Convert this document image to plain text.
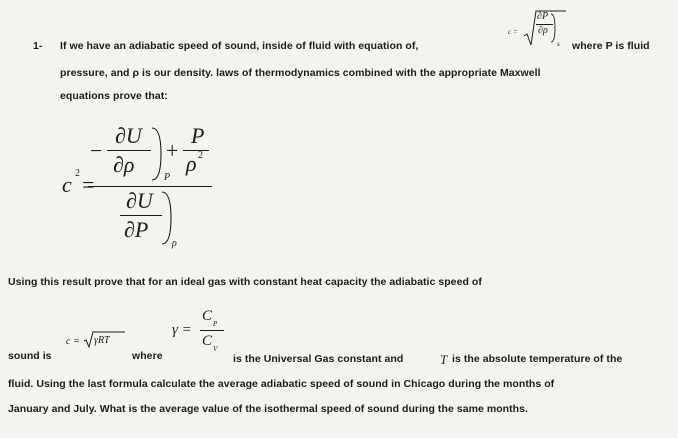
1- If we have an adiabatic speed of sound, inside of fluid with equation of,
c =
∂P
∂ρ
s where P is fluid
pressure, and ρ is our density. laws of thermodynamics combined with the appropriate Maxwell
equations prove that:
c 2 =
−
∂U
∂ρ
P
+
P
ρ 2
∂U
∂P
ρ
Using this result prove that for an ideal gas with constant heat capacity the adiabatic speed of
c = γRT
γ =
C P
C V
sound is	where	is the Universal Gas constant and	T is the absolute temperature of the
fluid. Using the last formula calculate the average adiabatic speed of sound in Chicago during the months of
January and July. What is the average value of the isothermal speed of sound during the same months.
